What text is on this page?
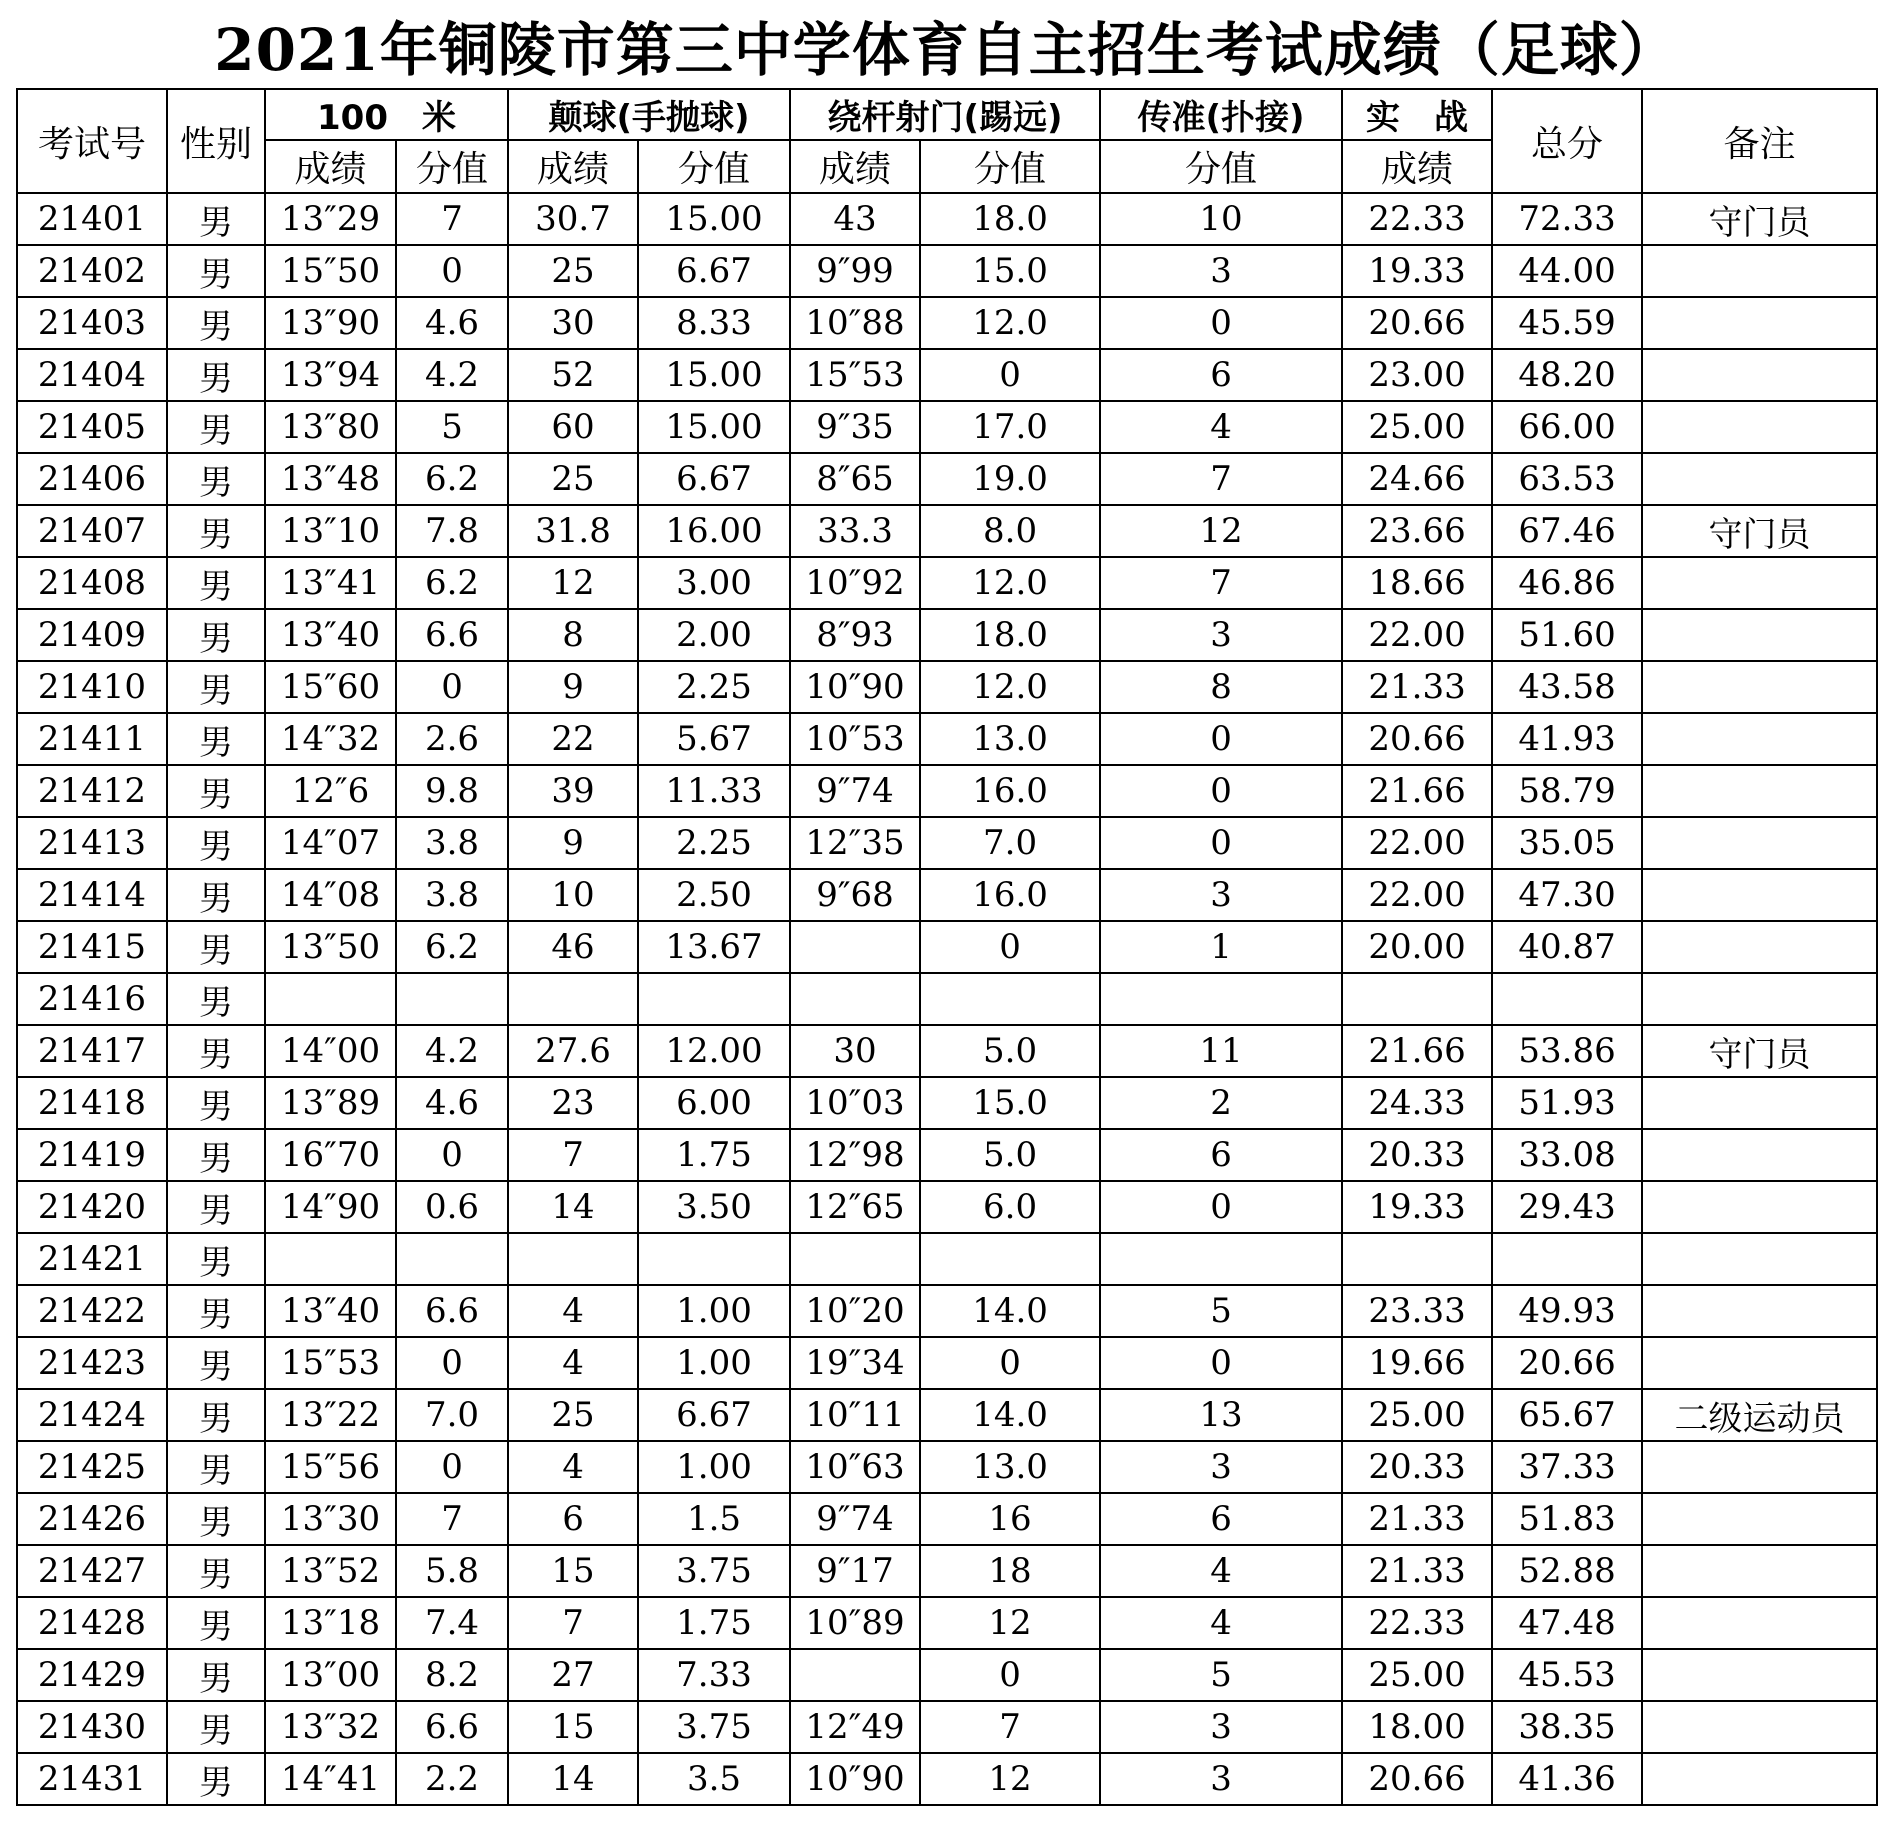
2021年铜陵市第三中学体育自主招生考试成绩（足球）
考试号	性别	100　米		颠球(手抛球)		绕杆射门(踢远)		传准(扑接)	实　战	总分	备注
		成绩	分值	成绩	分值	成绩	分值	分值	成绩		
21401	男	13″29	7	30.7	15.00	43	18.0	10	22.33	72.33	守门员
21402	男	15″50	0	25	6.67	9″99	15.0	3	19.33	44.00	
21403	男	13″90	4.6	30	8.33	10″88	12.0	0	20.66	45.59	
21404	男	13″94	4.2	52	15.00	15″53	0	6	23.00	48.20	
21405	男	13″80	5	60	15.00	9″35	17.0	4	25.00	66.00	
21406	男	13″48	6.2	25	6.67	8″65	19.0	7	24.66	63.53	
21407	男	13″10	7.8	31.8	16.00	33.3	8.0	12	23.66	67.46	守门员
21408	男	13″41	6.2	12	3.00	10″92	12.0	7	18.66	46.86	
21409	男	13″40	6.6	8	2.00	8″93	18.0	3	22.00	51.60	
21410	男	15″60	0	9	2.25	10″90	12.0	8	21.33	43.58	
21411	男	14″32	2.6	22	5.67	10″53	13.0	0	20.66	41.93	
21412	男	12″6	9.8	39	11.33	9″74	16.0	0	21.66	58.79	
21413	男	14″07	3.8	9	2.25	12″35	7.0	0	22.00	35.05	
21414	男	14″08	3.8	10	2.50	9″68	16.0	3	22.00	47.30	
21415	男	13″50	6.2	46	13.67		0	1	20.00	40.87	
21416	男										
21417	男	14″00	4.2	27.6	12.00	30	5.0	11	21.66	53.86	守门员
21418	男	13″89	4.6	23	6.00	10″03	15.0	2	24.33	51.93	
21419	男	16″70	0	7	1.75	12″98	5.0	6	20.33	33.08	
21420	男	14″90	0.6	14	3.50	12″65	6.0	0	19.33	29.43	
21421	男										
21422	男	13″40	6.6	4	1.00	10″20	14.0	5	23.33	49.93	
21423	男	15″53	0	4	1.00	19″34	0	0	19.66	20.66	
21424	男	13″22	7.0	25	6.67	10″11	14.0	13	25.00	65.67	二级运动员
21425	男	15″56	0	4	1.00	10″63	13.0	3	20.33	37.33	
21426	男	13″30	7	6	1.5	9″74	16	6	21.33	51.83	
21427	男	13″52	5.8	15	3.75	9″17	18	4	21.33	52.88	
21428	男	13″18	7.4	7	1.75	10″89	12	4	22.33	47.48	
21429	男	13″00	8.2	27	7.33		0	5	25.00	45.53	
21430	男	13″32	6.6	15	3.75	12″49	7	3	18.00	38.35	
21431	男	14″41	2.2	14	3.5	10″90	12	3	20.66	41.36	
